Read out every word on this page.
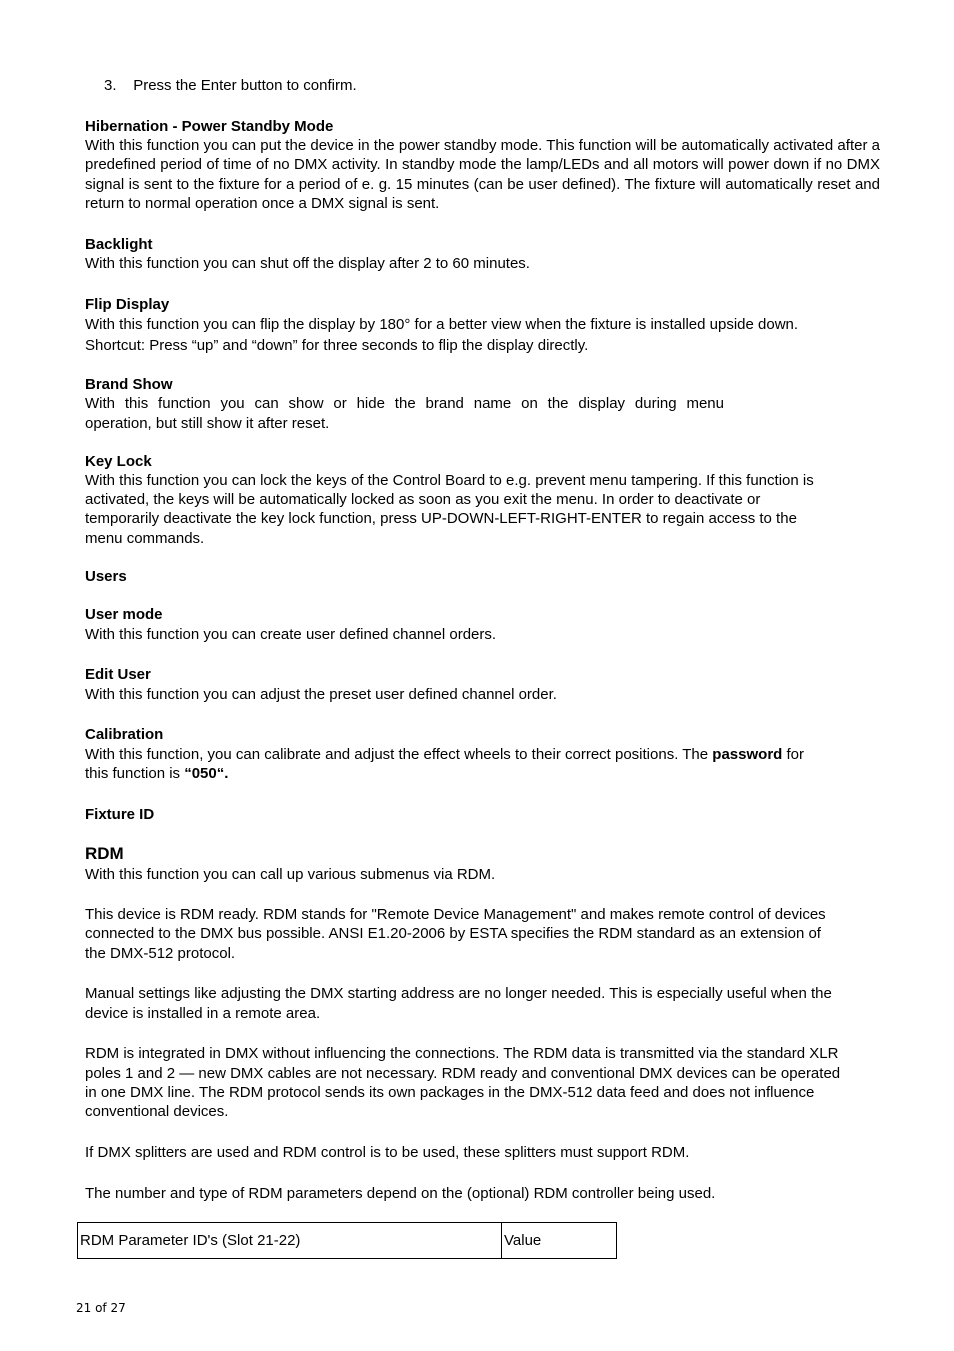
3. Press the Enter button to confirm.

Hibernation - Power Standby Mode

With this function you can put the device in the power standby mode. This function will be automatically activated after a predefined period of time of no DMX activity. In standby mode the lamp/LEDs and all motors will power down if no DMX signal is sent to the fixture for a period of e. g. 15 minutes (can be user defined). The fixture will automatically reset and return to normal operation once a DMX signal is sent.

Backlight

With this function you can shut off the display after 2 to 60 minutes.

Flip Display

With this function you can flip the display by 180° for a better view when the fixture is installed upside down.

Shortcut: Press “up” and “down” for three seconds to flip the display directly.

Brand Show

With this function you can show or hide the brand name on the display during menu

operation, but still show it after reset.

Key Lock

With this function you can lock the keys of the Control Board to e.g. prevent menu tampering. If this function is

activated, the keys will be automatically locked as soon as you exit the menu. In order to deactivate or

temporarily deactivate the key lock function, press UP-DOWN-LEFT-RIGHT-ENTER to regain access to the

menu commands.

Users

User mode

With this function you can create user defined channel orders.

Edit User

With this function you can adjust the preset user defined channel order.

Calibration

With this function, you can calibrate and adjust the effect wheels to their correct positions. The password for

this function is “050“.

Fixture ID

RDM

With this function you can call up various submenus via RDM.

This device is RDM ready. RDM stands for "Remote Device Management" and makes remote control of devices

connected to the DMX bus possible. ANSI E1.20-2006 by ESTA specifies the RDM standard as an extension of

the DMX-512 protocol.

Manual settings like adjusting the DMX starting address are no longer needed. This is especially useful when the

device is installed in a remote area.

RDM is integrated in DMX without influencing the connections. The RDM data is transmitted via the standard XLR

poles 1 and 2 — new DMX cables are not necessary. RDM ready and conventional DMX devices can be operated

in one DMX line. The RDM protocol sends its own packages in the DMX-512 data feed and does not influence

conventional devices.

If DMX splitters are used and RDM control is to be used, these splitters must support RDM.

The number and type of RDM parameters depend on the (optional) RDM controller being used.

RDM Parameter ID's (Slot 21-22)	Value
21 of 27
